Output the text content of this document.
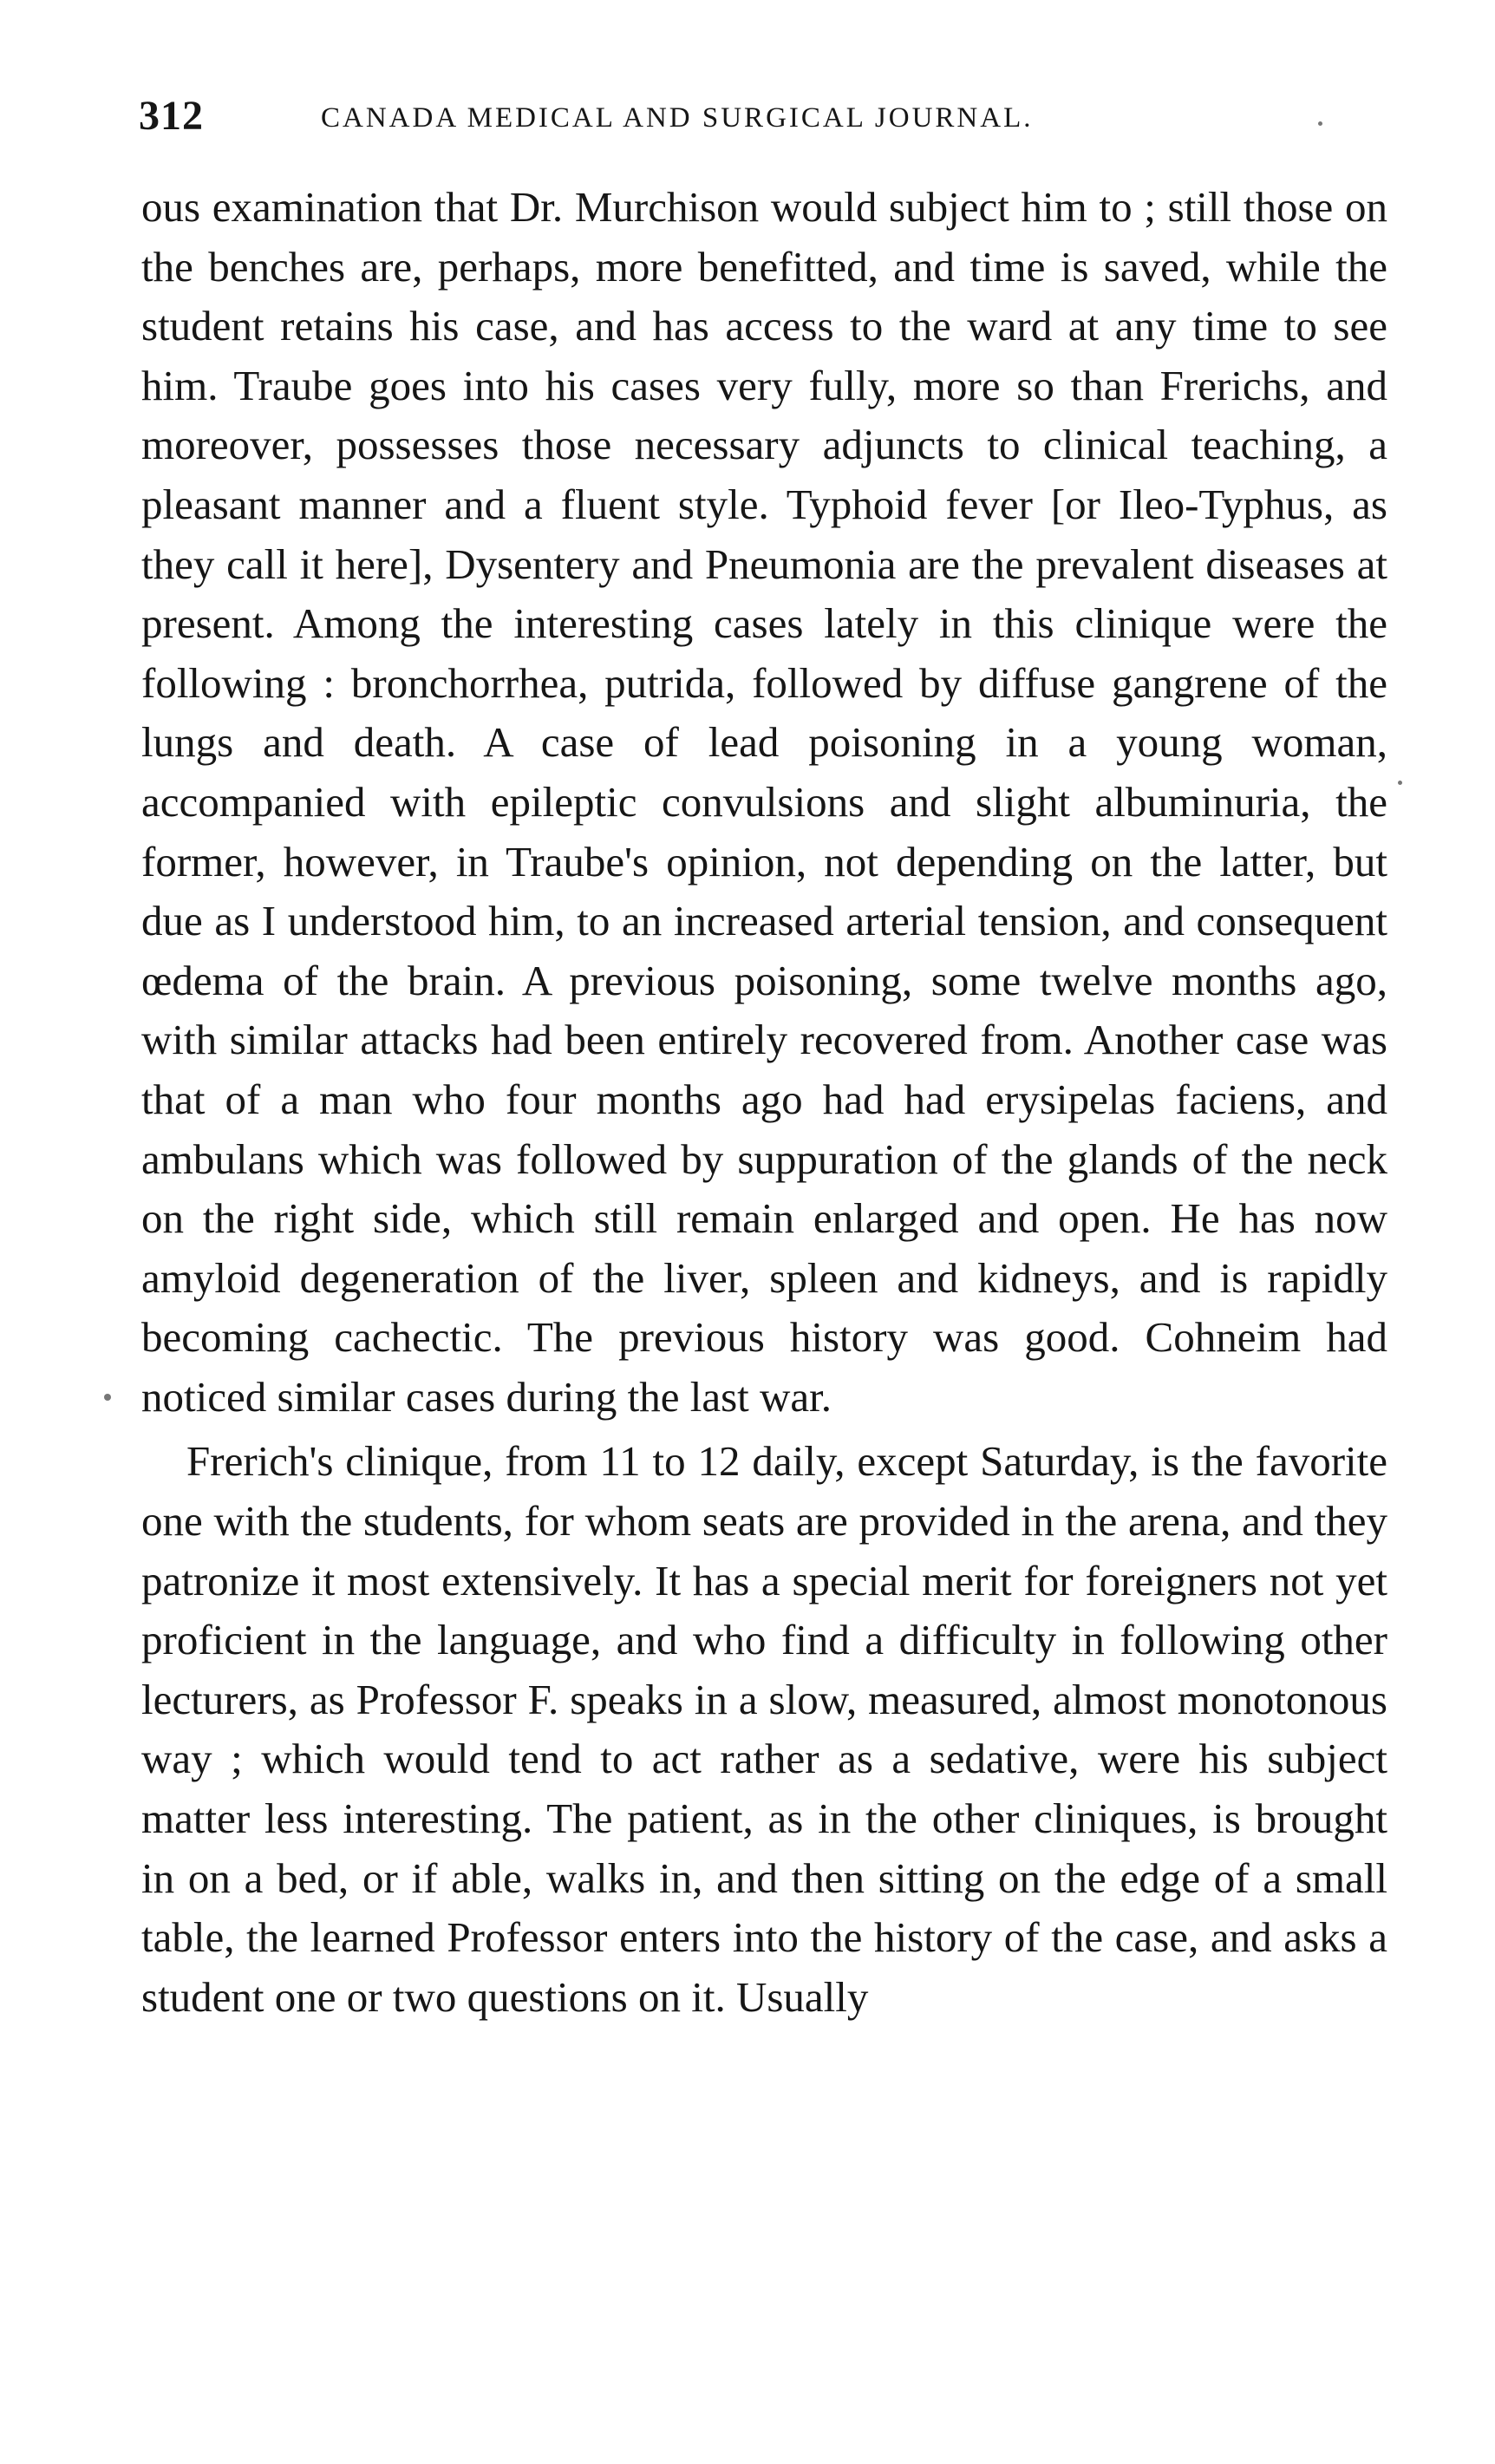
312	CANADA MEDICAL AND SURGICAL JOURNAL.

ous examination that Dr. Murchison would subject him to ; still those on the benches are, perhaps, more benefitted, and time is saved, while the student retains his case, and has access to the ward at any time to see him. Traube goes into his cases very fully, more so than Frerichs, and moreover, possesses those necessary adjuncts to clinical teaching, a pleasant manner and a fluent style. Typhoid fever [or Ileo-Typhus, as they call it here], Dysentery and Pneumonia are the prevalent diseases at present. Among the interesting cases lately in this clinique were the following : bronchorrhea, putrida, followed by diffuse gangrene of the lungs and death. A case of lead poisoning in a young woman, accompanied with epileptic convulsions and slight albuminuria, the former, however, in Traube's opinion, not depending on the latter, but due as I understood him, to an increased arterial tension, and consequent œdema of the brain. A previous poisoning, some twelve months ago, with similar attacks had been entirely recovered from. Another case was that of a man who four months ago had had erysipelas faciens, and ambulans which was followed by suppuration of the glands of the neck on the right side, which still remain enlarged and open. He has now amyloid degeneration of the liver, spleen and kidneys, and is rapidly becoming cachectic. The previous history was good. Cohneim had noticed similar cases during the last war.

Frerich's clinique, from 11 to 12 daily, except Saturday, is the favorite one with the students, for whom seats are provided in the arena, and they patronize it most extensively. It has a special merit for foreigners not yet proficient in the language, and who find a difficulty in following other lecturers, as Professor F. speaks in a slow, measured, almost monotonous way ; which would tend to act rather as a sedative, were his subject matter less interesting. The patient, as in the other cliniques, is brought in on a bed, or if able, walks in, and then sitting on the edge of a small table, the learned Professor enters into the history of the case, and asks a student one or two questions on it. Usually
